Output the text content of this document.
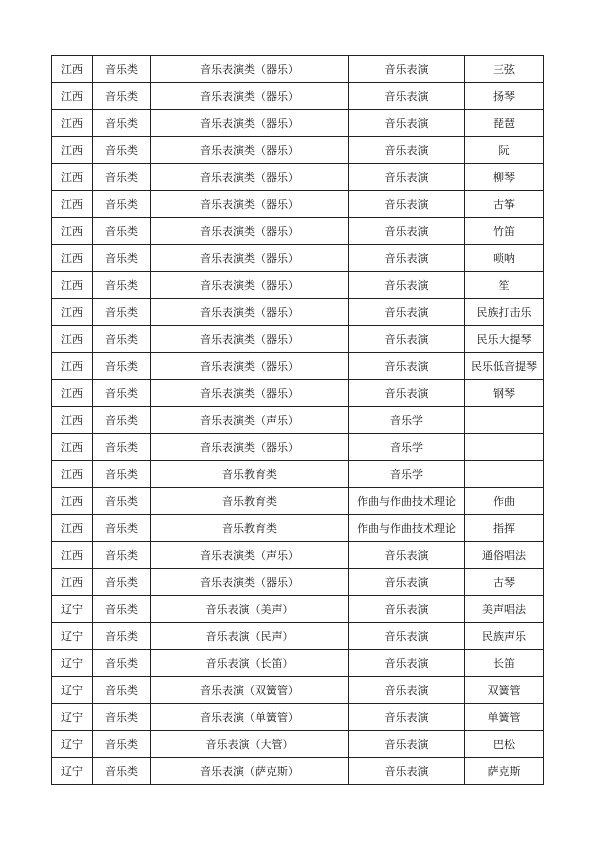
江西	音乐类	音乐表演类（器乐）	音乐表演	三弦
江西	音乐类	音乐表演类（器乐）	音乐表演	扬琴
江西	音乐类	音乐表演类（器乐）	音乐表演	琵琶
江西	音乐类	音乐表演类（器乐）	音乐表演	阮
江西	音乐类	音乐表演类（器乐）	音乐表演	柳琴
江西	音乐类	音乐表演类（器乐）	音乐表演	古筝
江西	音乐类	音乐表演类（器乐）	音乐表演	竹笛
江西	音乐类	音乐表演类（器乐）	音乐表演	唢呐
江西	音乐类	音乐表演类（器乐）	音乐表演	笙
江西	音乐类	音乐表演类（器乐）	音乐表演	民族打击乐
江西	音乐类	音乐表演类（器乐）	音乐表演	民乐大提琴
江西	音乐类	音乐表演类（器乐）	音乐表演	民乐低音提琴
江西	音乐类	音乐表演类（器乐）	音乐表演	钢琴
江西	音乐类	音乐表演类（声乐）	音乐学	
江西	音乐类	音乐表演类（器乐）	音乐学	
江西	音乐类	音乐教育类	音乐学	
江西	音乐类	音乐教育类	作曲与作曲技术理论	作曲
江西	音乐类	音乐教育类	作曲与作曲技术理论	指挥
江西	音乐类	音乐表演类（声乐）	音乐表演	通俗唱法
江西	音乐类	音乐表演类（器乐）	音乐表演	古琴
辽宁	音乐类	音乐表演（美声）	音乐表演	美声唱法
辽宁	音乐类	音乐表演（民声）	音乐表演	民族声乐
辽宁	音乐类	音乐表演（长笛）	音乐表演	长笛
辽宁	音乐类	音乐表演（双簧管）	音乐表演	双簧管
辽宁	音乐类	音乐表演（单簧管）	音乐表演	单簧管
辽宁	音乐类	音乐表演（大管）	音乐表演	巴松
辽宁	音乐类	音乐表演（萨克斯）	音乐表演	萨克斯
